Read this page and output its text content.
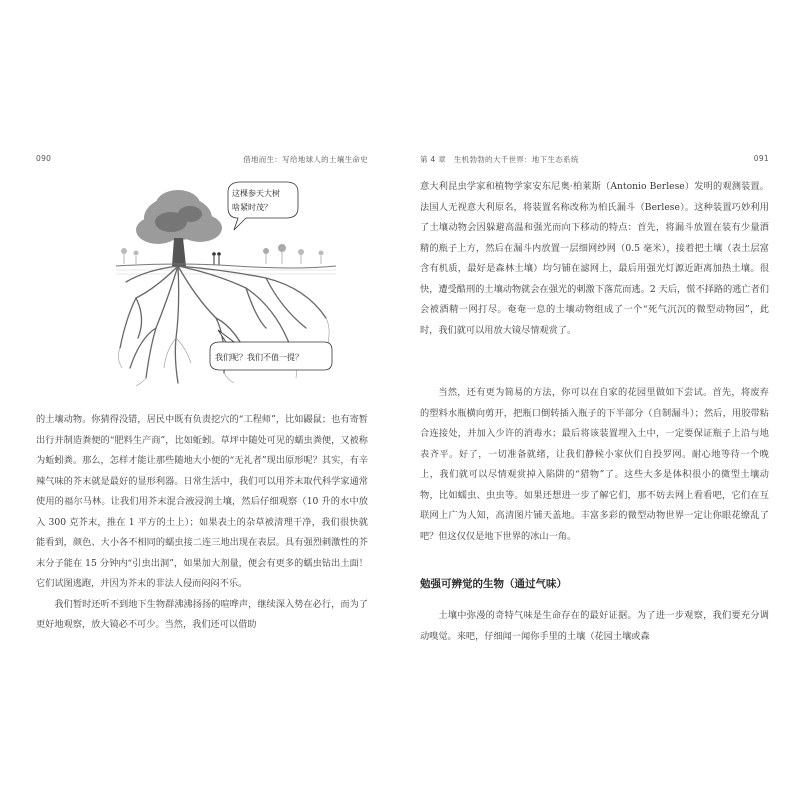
090	借地而生：写给地球人的土壤生命史	第 4 章　生机勃勃的大千世界：地下生态系统	091
这棵参天大树
啥紧时茂？
我们呢？我们不值一提？

的土壤动物。你猜得没错，居民中既有负责挖穴的“工程师”，比如鼹鼠；也有寄暂出行并制造粪便的“肥料生产商”，比如蚯蚓。草坪中随处可见的蠕虫粪便，又被称为蚯蚓粪。那么，怎样才能让那些随地大小便的“无礼者”现出原形呢？其实，有辛辣气味的芥末就是最好的显形利器。日常生活中，我们可以用芥末取代科学家通常使用的福尔马林。让我们用芥末混合液浸润土壤，然后仔细观察（10 升的水中放入 300 克芥末，推在 1 平方的土上）；如果表土的杂草被清理干净，我们很快就能看到，颜色、大小各不相同的蠕虫接二连三地出现在表层。具有强烈刺激性的芥末分子能在 15 分钟内“引虫出洞”，如果加大剂量，便会有更多的蠕虫钻出土面！它们试图逃跑，并因为芥末的非法人侵而闷闷不乐。

我们暂时还听不到地下生物群沸沸扬扬的喧哗声，继续深入势在必行，而为了更好地观察，放大镜必不可少。当然，我们还可以借助

意大利昆虫学家和植物学家安东尼奥·柏莱斯（Antonio Berlese）发明的观测装置。法国人无视意大利原名，将装置名称改称为柏氏漏斗（Berlese）。这种装置巧妙利用了土壤动物会因躲避高温和强光而向下移动的特点：首先，将漏斗放置在装有少量酒精的瓶子上方，然后在漏斗内放置一层细网纱网（0.5 毫米），接着把土壤（表土层富含有机质，最好是森林土壤）均匀铺在滤网上，最后用强光灯源近距离加热土壤。很快，遭受酷刑的土壤动物就会在强光的刺激下落荒而逃。2 天后，慌不择路的逃亡者们会被酒精一网打尽。奄奄一息的土壤动物组成了一个“死气沉沉的微型动物园”，此时，我们就可以用放大镜尽情观赏了。

当然，还有更为简易的方法，你可以在自家的花园里做如下尝试。首先，将废弃的塑料水瓶横向剪开，把瓶口倒转插入瓶子的下半部分（自制漏斗）；然后，用胶带粘合连接处，并加入少许的消毒水；最后将该装置埋入土中，一定要保证瓶子上沿与地表齐平。好了，一切准备就绪，让我们静候小家伙们自投罗网。耐心地等待一个晚上，我们就可以尽情观赏掉入陷阱的“猎物”了。这些大多是体积很小的微型土壤动物，比如蠕虫、虫虫等。如果还想进一步了解它们，那不妨去网上看看吧，它们在互联网上广为人知，高清图片铺天盖地。丰富多彩的微型动物世界一定让你眼花缭乱了吧？但这仅仅是地下世界的冰山一角。

勉强可辨觉的生物（通过气味）

土壤中弥漫的奇特气味是生命存在的最好证据。为了进一步观察，我们要充分调动嗅觉。来吧，仔细闻一闻你手里的土壤（花园土壤或森
